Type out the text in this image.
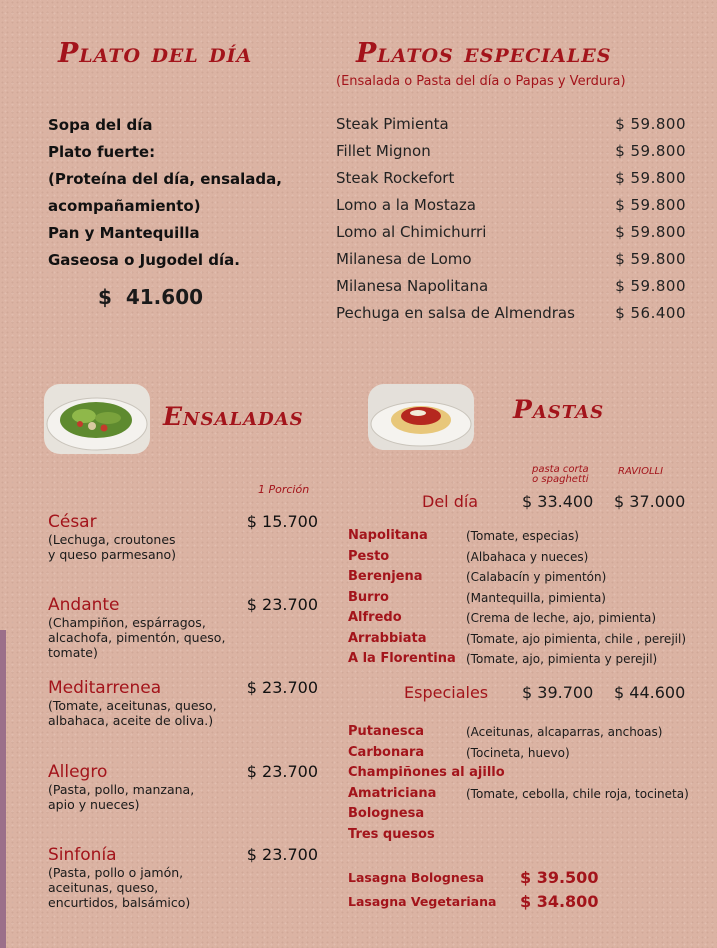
Plato del día
Sopa del día
Plato fuerte:
(Proteína del día, ensalada,
acompañamiento)
Pan y Mantequilla
Gaseosa o Jugodel día.
$  41.600
Platos especiales
(Ensalada o Pasta del día o Papas y Verdura)
Steak Pimienta	$ 59.800
Fillet Mignon	$ 59.800
Steak Rockefort	$ 59.800
Lomo a la Mostaza	$ 59.800
Lomo al Chimichurri	$ 59.800
Milanesa de Lomo	$ 59.800
Milanesa Napolitana	$ 59.800
Pechuga en salsa de Almendras	$ 56.400
Ensaladas
1 Porción
César	$ 15.700
(Lechuga, croutones
y queso parmesano)
Andante	$ 23.700
(Champiñon, espárragos,
alcachofa, pimentón, queso,
tomate)
Meditarrenea	$ 23.700
(Tomate, aceitunas, queso,
albahaca, aceite de oliva.)
Allegro	$ 23.700
(Pasta, pollo, manzana,
apio y nueces)
Sinfonía	$ 23.700
(Pasta, pollo o jamón,
aceitunas, queso,
encurtidos, balsámico)
Pastas
pasta corta
o spaghetti
RAVIOLLI
Del día	$ 33.400	$ 37.000
Napolitana	(Tomate, especias)
Pesto	(Albahaca y nueces)
Berenjena	(Calabacín y pimentón)
Burro	(Mantequilla, pimienta)
Alfredo	(Crema de leche, ajo, pimienta)
Arrabbiata	(Tomate, ajo pimienta, chile , perejil)
A la Florentina (Tomate, ajo, pimienta y perejil)
Especiales	$ 39.700	$ 44.600
Putanesca	(Aceitunas, alcaparras, anchoas)
Carbonara	(Tocineta, huevo)
Champiñones al ajillo
Amatriciana	(Tomate, cebolla, chile roja, tocineta)
Bolognesa
Tres quesos
Lasagna Bolognesa	$ 39.500
Lasagna Vegetariana	$ 34.800
